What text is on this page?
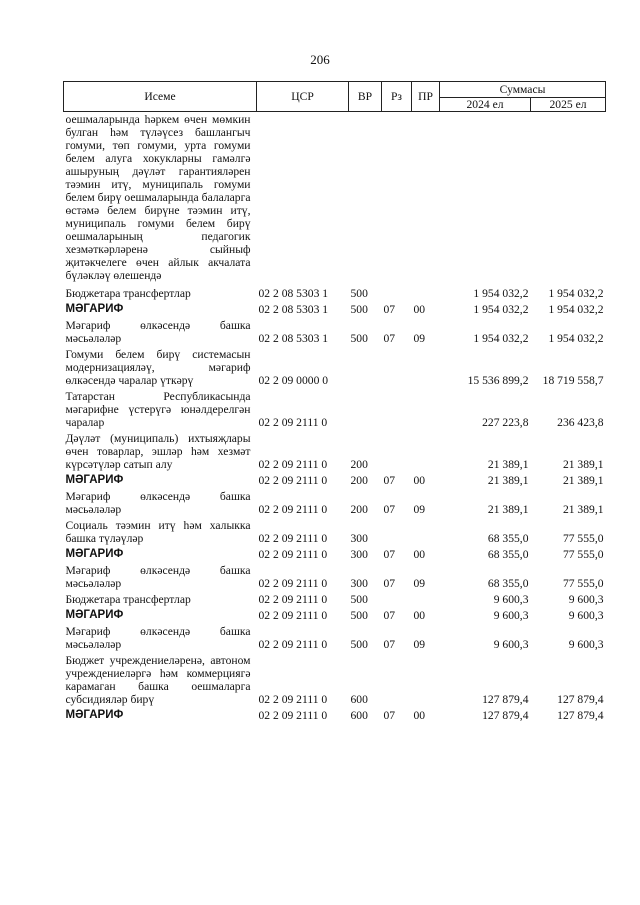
206
Исеме	ЦСР	ВР	Рз	ПР	Суммасы	
					2024 ел	2025 ел
оешмаларында һәркем өчен мөмкин булган һәм түләүсез башлангыч гомуми, төп гомуми, урта гомуми белем алуга хокукларны гамәлгә ашыруның дәүләт гарантияләрен тәэмин итү, муниципаль гомуми белем бирү оешмаларында балаларга өстәмә белем бирүне тәэмин итү, муниципаль гомуми белем бирү оешмаларының педагогик хезмәткәрләренә сыйныф җитәкчелеге өчен айлык акчалата бүләкләү өлешендә						
Бюджетара трансфертлар	02 2 08 5303 1	500			1 954 032,2	1 954 032,2
МӘГАРИФ	02 2 08 5303 1	500	07	00	1 954 032,2	1 954 032,2
Мәгариф өлкәсендә башка мәсьәләләр	02 2 08 5303 1	500	07	09	1 954 032,2	1 954 032,2
Гомуми белем бирү системасын модернизацияләү, мәгариф өлкәсендә чаралар үткәрү	02 2 09 0000 0				15 536 899,2	18 719 558,7
Татарстан Республикасында мәгарифне үстерүгә юнәлдерелгән чаралар	02 2 09 2111 0				227 223,8	236 423,8
Дәүләт (муниципаль) ихтыяҗлары өчен товарлар, эшләр һәм хезмәт күрсәтүләр сатып алу	02 2 09 2111 0	200			21 389,1	21 389,1
МӘГАРИФ	02 2 09 2111 0	200	07	00	21 389,1	21 389,1
Мәгариф өлкәсендә башка мәсьәләләр	02 2 09 2111 0	200	07	09	21 389,1	21 389,1
Социаль тәэмин итү һәм халыкка башка түләүләр	02 2 09 2111 0	300			68 355,0	77 555,0
МӘГАРИФ	02 2 09 2111 0	300	07	00	68 355,0	77 555,0
Мәгариф өлкәсендә башка мәсьәләләр	02 2 09 2111 0	300	07	09	68 355,0	77 555,0
Бюджетара трансфертлар	02 2 09 2111 0	500			9 600,3	9 600,3
МӘГАРИФ	02 2 09 2111 0	500	07	00	9 600,3	9 600,3
Мәгариф өлкәсендә башка мәсьәләләр	02 2 09 2111 0	500	07	09	9 600,3	9 600,3
Бюджет учреждениеләренә, автоном учреждениеләргә һәм коммерциягә карамаган башка оешмаларга субсидияләр бирү	02 2 09 2111 0	600			127 879,4	127 879,4
МӘГАРИФ	02 2 09 2111 0	600	07	00	127 879,4	127 879,4
